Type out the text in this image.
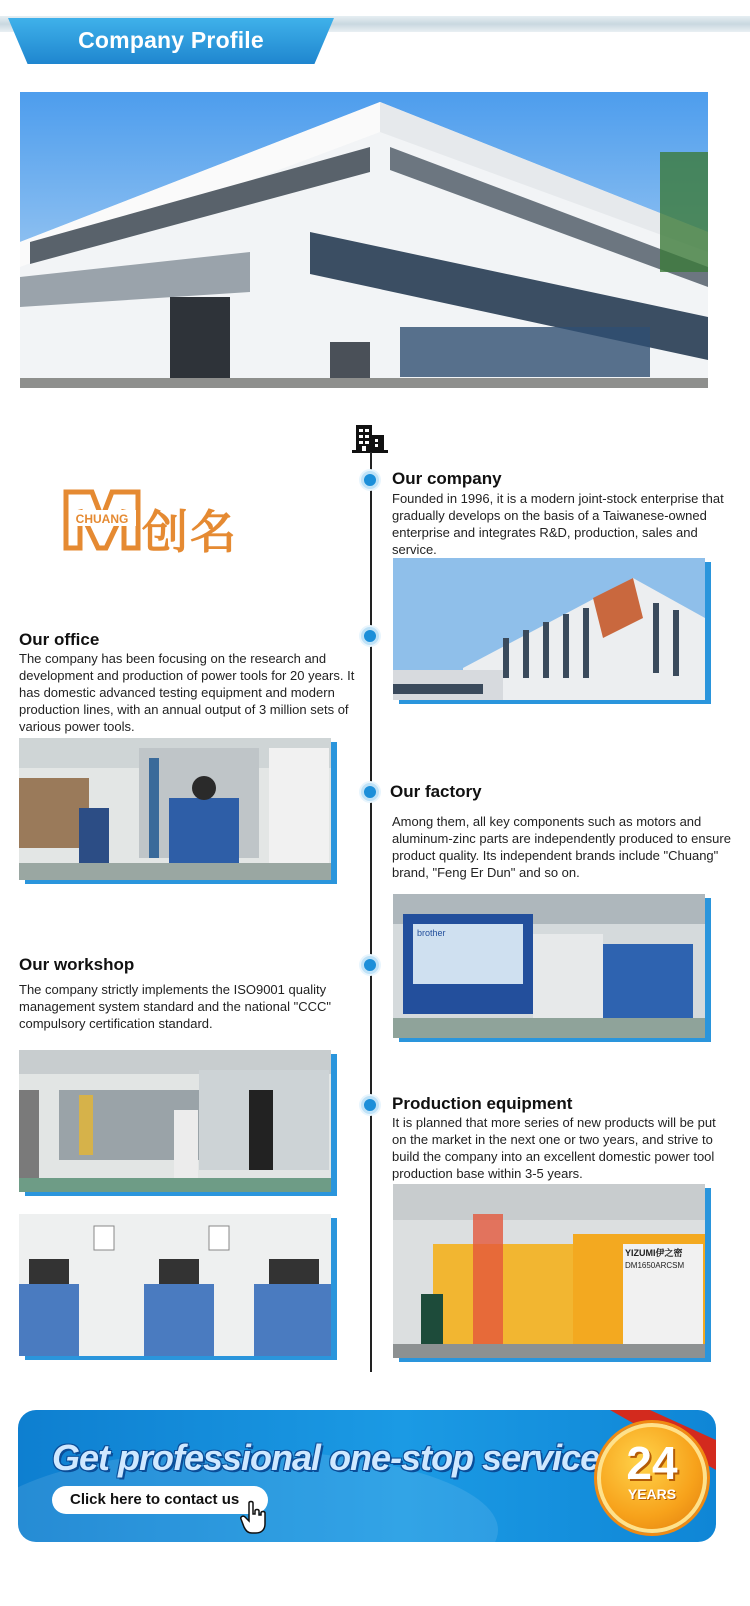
Company Profile
CHUANG 创名
Our company
Founded in 1996, it is a modern joint-stock enterprise that gradually develops on the basis of a Taiwanese-owned enterprise and integrates R&D, production, sales and service.
Our office
The company has been focusing on the research and development and production of power tools for 20 years. It has domestic advanced testing equipment and modern production lines, with an annual output of 3 million sets of various power tools.
Our factory
Among them, all key components such as motors and aluminum-zinc parts are independently produced to ensure product quality. Its independent brands include "Chuang" brand, "Feng Er Dun" and so on.
brother
Our workshop
The company strictly implements the ISO9001 quality management system standard and the national "CCC" compulsory certification standard.
Production equipment
It is planned that more series of new products will be put on the market in the next one or two years, and strive to build the company into an excellent domestic power tool production base within 3-5 years.
YIZUMI伊之密
DM1650ARCSM
Get professional one-stop service
Click here to contact us
24
YEARS
